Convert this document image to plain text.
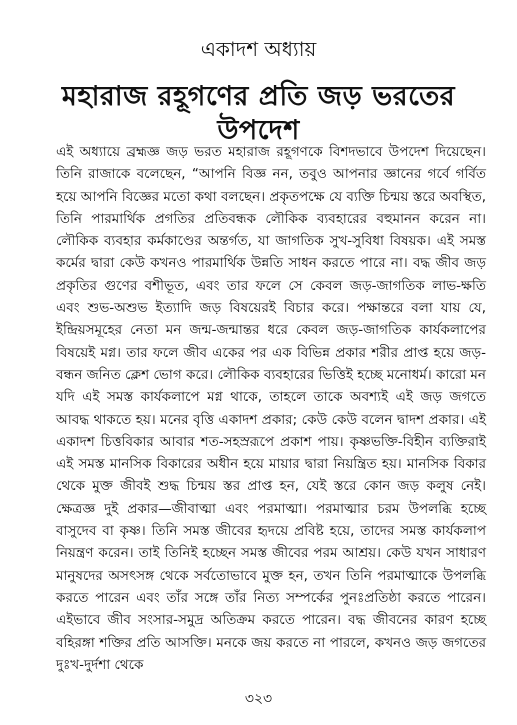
একাদশ অধ্যায়
মহারাজ রহূগণের প্রতি জড় ভরতের উপদেশ

এই অধ্যায়ে ব্রহ্মজ্ঞ জড় ভরত মহারাজ রহূগণকে বিশদভাবে উপদেশ দিয়েছেন। তিনি রাজাকে বলেছেন, “আপনি বিজ্ঞ নন, তবুও আপনার জ্ঞানের গর্বে গর্বিত হয়ে আপনি বিজ্ঞের মতো কথা বলছেন। প্রকৃতপক্ষে যে ব্যক্তি চিন্ময় স্তরে অবস্থিত, তিনি পারমার্থিক প্রগতির প্রতিবন্ধক লৌকিক ব্যবহারের বহুমানন করেন না। লৌকিক ব্যবহার কর্মকাণ্ডের অন্তর্গত, যা জাগতিক সুখ-সুবিধা বিষয়ক। এই সমস্ত কর্মের দ্বারা কেউ কখনও পারমার্থিক উন্নতি সাধন করতে পারে না। বদ্ধ জীব জড় প্রকৃতির গুণের বশীভূত, এবং তার ফলে সে কেবল জড়-জাগতিক লাভ-ক্ষতি এবং শুভ-অশুভ ইত্যাদি জড় বিষয়েরই বিচার করে। পক্ষান্তরে বলা যায় যে, ইন্দ্রিয়সমূহের নেতা মন জন্ম-জন্মান্তর ধরে কেবল জড়-জাগতিক কার্যকলাপের বিষয়েই মগ্ন। তার ফলে জীব একের পর এক বিভিন্ন প্রকার শরীর প্রাপ্ত হয়ে জড়-বন্ধন জনিত ক্লেশ ভোগ করে। লৌকিক ব্যবহারের ভিত্তিই হচ্ছে মনোধর্ম। কারো মন যদি এই সমস্ত কার্যকলাপে মগ্ন থাকে, তাহলে তাকে অবশ্যই এই জড় জগতে আবদ্ধ থাকতে হয়। মনের বৃত্তি একাদশ প্রকার; কেউ কেউ বলেন দ্বাদশ প্রকার। এই একাদশ চিত্তবিকার আবার শত-সহস্ররূপে প্রকাশ পায়। কৃষ্ণভক্তি-বিহীন ব্যক্তিরাই এই সমস্ত মানসিক বিকারের অধীন হয়ে মায়ার দ্বারা নিয়ন্ত্রিত হয়। মানসিক বিকার থেকে মুক্ত জীবই শুদ্ধ চিন্ময় স্তর প্রাপ্ত হন, যেই স্তরে কোন জড় কলুষ নেই। ক্ষেত্রজ্ঞ দুই প্রকার—জীবাত্মা এবং পরমাত্মা। পরমাত্মার চরম উপলব্ধি হচ্ছে বাসুদেব বা কৃষ্ণ। তিনি সমস্ত জীবের হৃদয়ে প্রবিষ্ট হয়ে, তাদের সমস্ত কার্যকলাপ নিয়ন্ত্রণ করেন। তাই তিনিই হচ্ছেন সমস্ত জীবের পরম আশ্রয়। কেউ যখন সাধারণ মানুষদের অসৎসঙ্গ থেকে সর্বতোভাবে মুক্ত হন, তখন তিনি পরমাত্মাকে উপলব্ধি করতে পারেন এবং তাঁর সঙ্গে তাঁর নিত্য সম্পর্কের পুনঃপ্রতিষ্ঠা করতে পারেন। এইভাবে জীব সংসার-সমুদ্র অতিক্রম করতে পারেন। বদ্ধ জীবনের কারণ হচ্ছে বহিরঙ্গা শক্তির প্রতি আসক্তি। মনকে জয় করতে না পারলে, কখনও জড় জগতের দুঃখ-দুর্দশা থেকে

৩২৩
